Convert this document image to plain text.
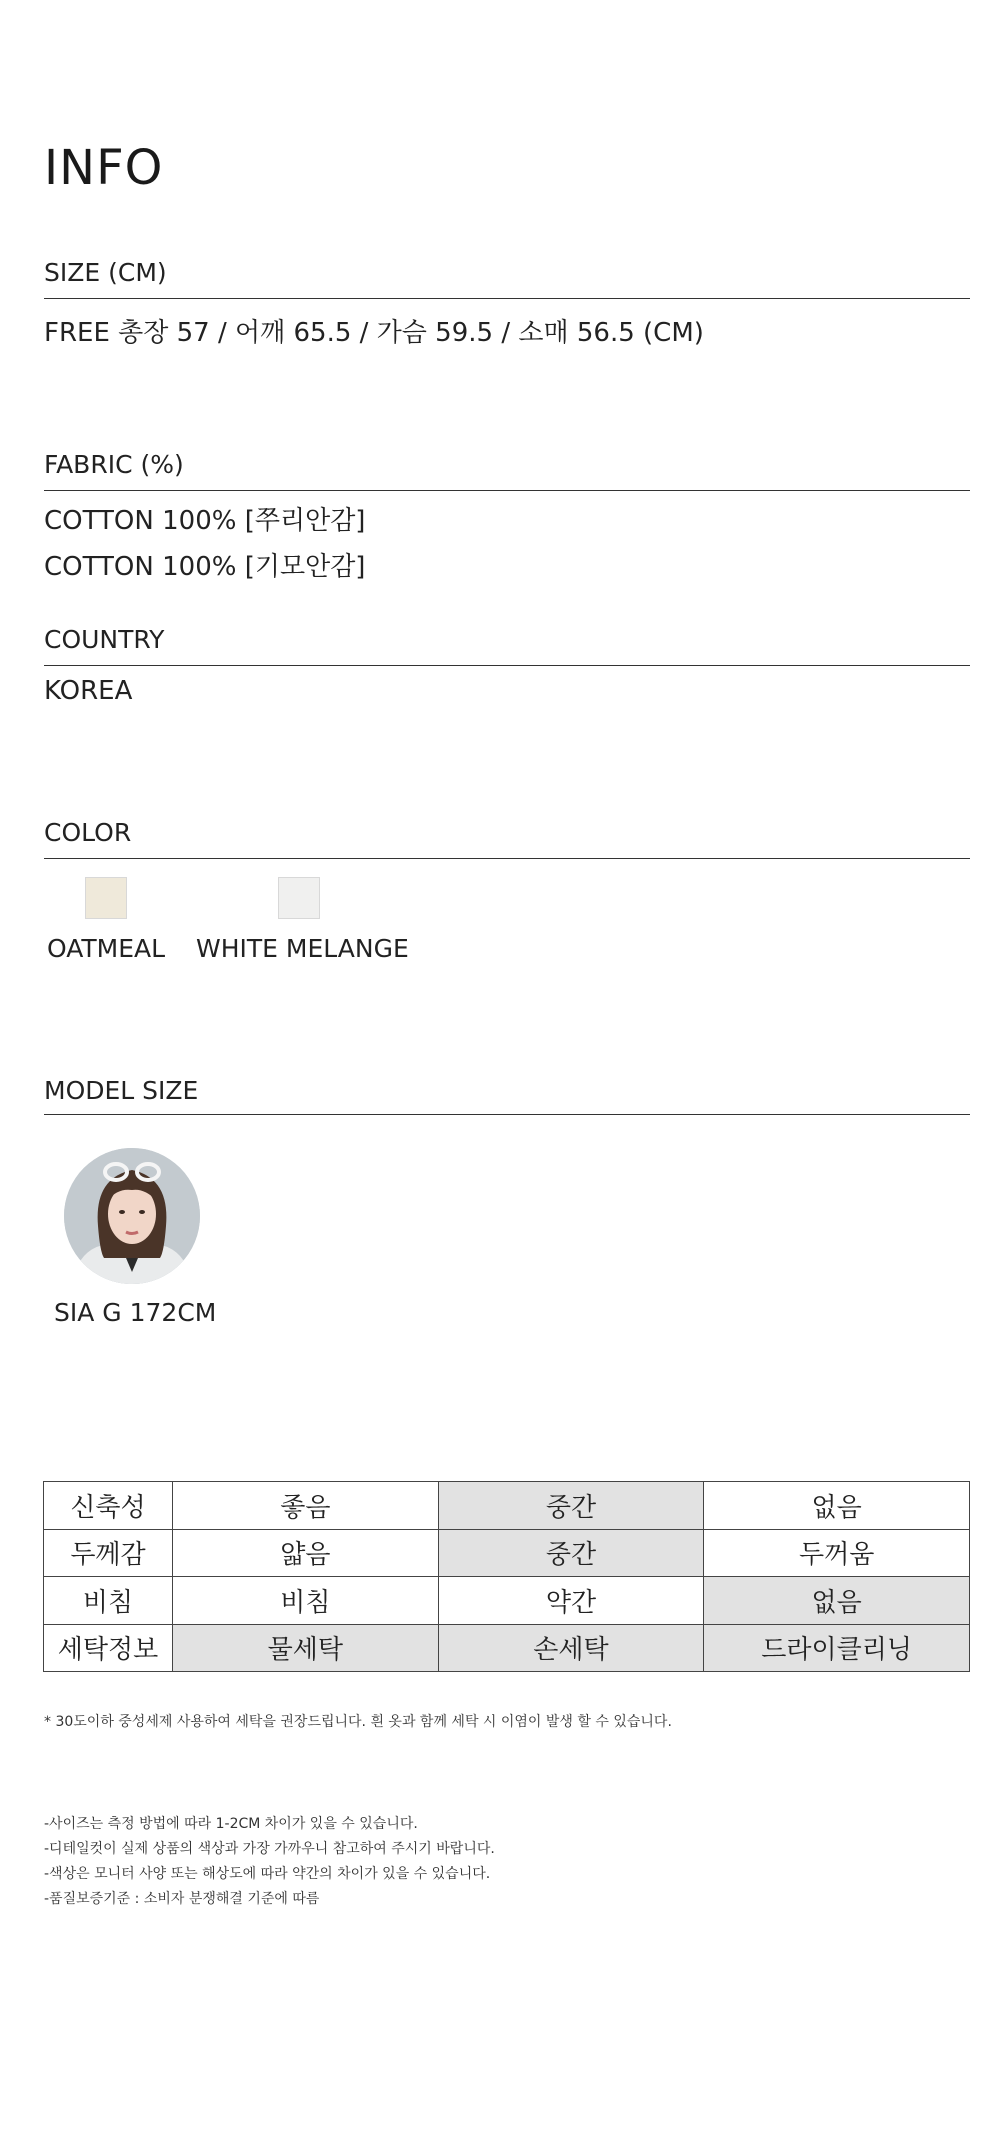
INFO
SIZE (CM)
FREE 총장 57 / 어깨 65.5 / 가슴 59.5 / 소매 56.5 (CM)
FABRIC (%)
COTTON 100% [쭈리안감]
COTTON 100% [기모안감]
COUNTRY
KOREA
COLOR
OATMEAL WHITE MELANGE
MODEL SIZE
SIA G 172CM
신축성	좋음	중간	없음
두께감	얇음	중간	두꺼움
비침	비침	약간	없음
세탁정보	물세탁	손세탁	드라이클리닝
* 30도이하 중성세제 사용하여 세탁을 권장드립니다. 흰 옷과 함께 세탁 시 이염이 발생 할 수 있습니다.
-사이즈는 측정 방법에 따라 1-2CM 차이가 있을 수 있습니다.
-디테일컷이 실제 상품의 색상과 가장 가까우니 참고하여 주시기 바랍니다.
-색상은 모니터 사양 또는 해상도에 따라 약간의 차이가 있을 수 있습니다.
-품질보증기준 : 소비자 분쟁해결 기준에 따름
